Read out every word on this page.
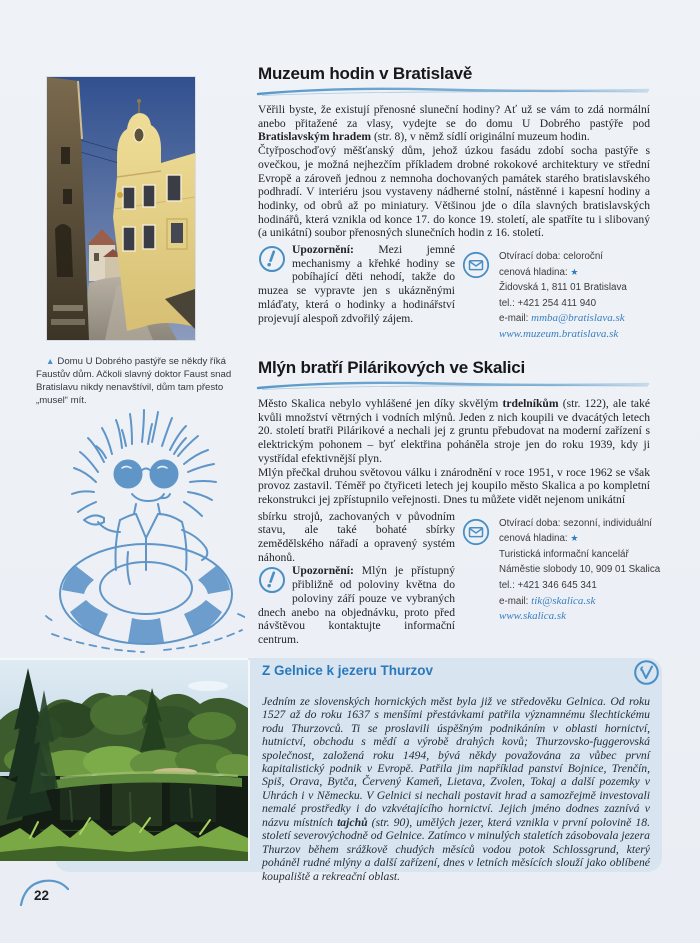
▲ Domu U Dobrého pastýře se někdy říká Faustův dům. Ačkoli slavný doktor Faust snad Bratislavu nikdy nenavštívil, dům tam přesto „musel“ mít.

Muzeum hodin v Bratislavě

Věřili byste, že existují přenosné sluneční hodiny? Ať už se vám to zdá normální anebo přitažené za vlasy, vydejte se do domu U Dobrého pastýře pod Bratislavským hradem (str. 8), v němž sídlí originální muzeum hodin.

Čtyřposchoďový měšťanský dům, jehož úzkou fasádu zdobí socha pastýře s ovečkou, je možná nejhezčím příkladem drobné rokokové architektury ve střední Evropě a zároveň jednou z nemnoha dochovaných památek starého bratislavského podhradí. V interiéru jsou vystaveny nádherné stolní, nástěnné i kapesní hodiny a hodinky, od obrů až po miniatury. Většinou jde o díla slavných bratislavských hodinářů, která vznikla od konce 17. do konce 19. století, ale spatříte tu i slibovaný (a unikátní) soubor přenosných slunečních hodin z 16. století.

Upozornění: Mezi jemné mechanismy a křehké hodiny se pobíhající děti nehodí, takže do muzea se vypravte jen s ukázněnými mláďaty, která o hodinky a hodinářství projevují alespoň zdvořilý zájem.

Otvírací doba: celoroční
cenová hladina: ★
Židovská 1, 811 01 Bratislava
tel.: +421 254 411 940
e-mail: mmba@bratislava.sk
www.muzeum.bratislava.sk
Mlýn bratří Pilárikových ve Skalici

Město Skalica nebylo vyhlášené jen díky skvělým trdelníkům (str. 122), ale také kvůli množství větrných i vodních mlýnů. Jeden z nich koupili ve dvacátých letech 20. století bratři Pilárikové a nechali jej z gruntu přebudovat na moderní zařízení s elektrickým pohonem – byť elektřina poháněla stroje jen do roku 1939, kdy ji vystřídal efektivnější plyn.

Mlýn přečkal druhou světovou válku i znárodnění v roce 1951, v roce 1962 se však provoz zastavil. Téměř po čtyřiceti letech jej koupilo město Skalica a po kompletní rekonstrukci jej zpřístupnilo veřejnosti. Dnes tu můžete vidět nejenom unikátní

sbírku strojů, zachovaných v původním stavu, ale také bohaté sbírky zemědělského nářadí a opravený systém náhonů.

Upozornění: Mlýn je přístupný přibližně od poloviny května do poloviny září pouze ve vybraných dnech anebo na objednávku, proto před návštěvou kontaktujte informační centrum.

Otvírací doba: sezonní, individuální
cenová hladina: ★
Turistická informační kancelář
Náměstie slobody 10, 909 01 Skalica
tel.: +421 346 645 341
e-mail: tik@skalica.sk
www.skalica.sk
Z Gelnice k jezeru Thurzov

Jedním ze slovenských hornických měst byla již ve středověku Gelnica. Od roku 1527 až do roku 1637 s menšími přestávkami patřila významnému šlechtickému rodu Thurzovců. Ti se proslavili úspěšným podnikáním v oblasti hornictví, hutnictví, obchodu s mědí a výrobě drahých kovů; Thurzovsko-fuggerovská společnost, založená roku 1494, bývá někdy považována za vůbec první kapitalistický podnik v Evropě. Patřila jim například panství Bojnice, Trenčín, Spiš, Orava, Bytča, Červený Kameň, Lietava, Zvolen, Tokaj a další pozemky v Uhrách i v Německu. V Gelnici si nechali postavit hrad a samozřejmě investovali nemalé prostředky i do vzkvétajícího hornictví. Jejich jméno dodnes zaznívá v názvu místních tajchů (str. 90), umělých jezer, která vznikla v první polovině 18. století severovýchodně od Gelnice. Zatímco v minulých staletích zásobovala jezera Thurzov během srážkově chudých měsíců vodou potok Schlossgrund, který poháněl rudné mlýny a další zařízení, dnes v letních měsících slouží jako oblíbené koupaliště a rekreační oblast.

22
